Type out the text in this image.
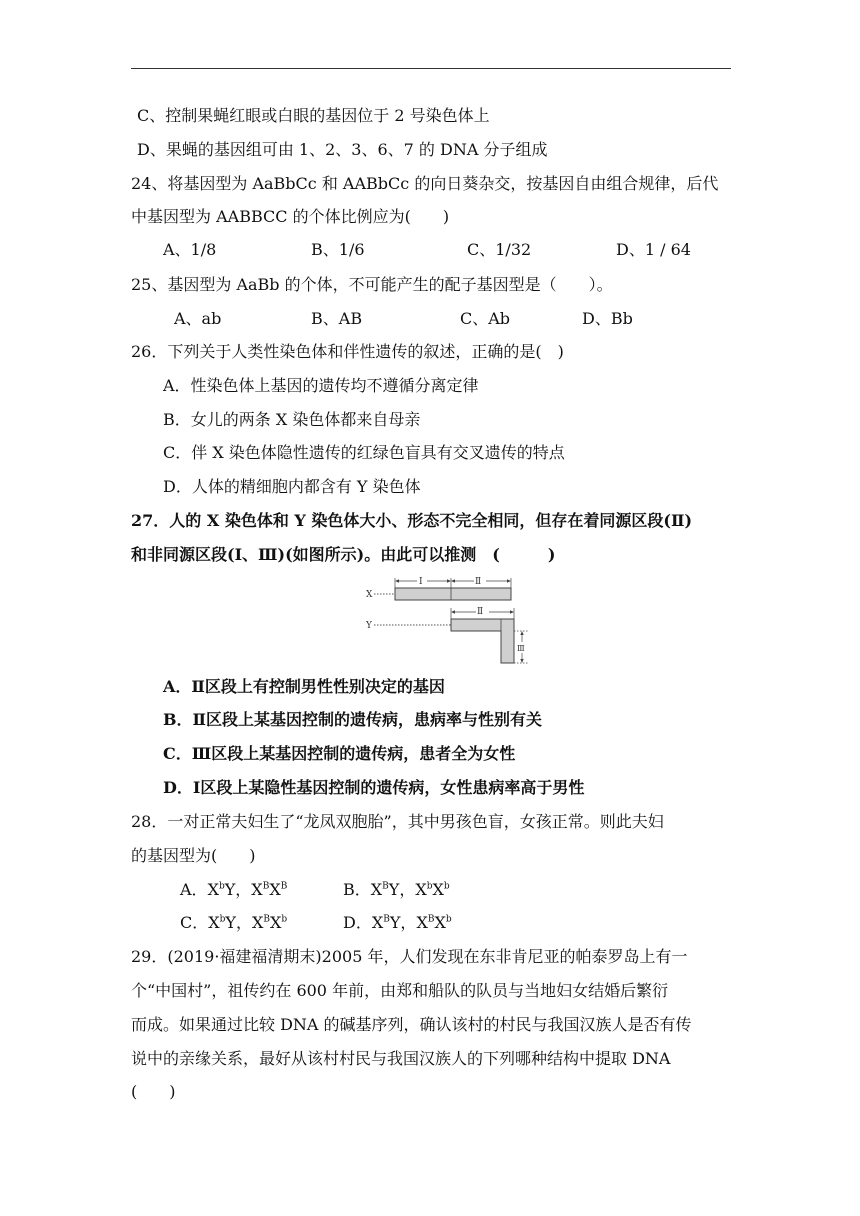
C、控制果蝇红眼或白眼的基因位于 2 号染色体上
D、果蝇的基因组可由 1、2、3、6、7 的 DNA 分子组成
24、将基因型为 AaBbCc 和 AABbCc 的向日葵杂交，按基因自由组合规律，后代
中基因型为 AABBCC 的个体比例应为(　　)
A、1/8	B、1/6	C、1/32	D、1 / 64
25、基因型为 AaBb 的个体，不可能产生的配子基因型是（　　）。
A、ab	B、AB	C、Ab	D、Bb
26．下列关于人类性染色体和伴性遗传的叙述，正确的是(　)
A．性染色体上基因的遗传均不遵循分离定律
B．女儿的两条 X 染色体都来自母亲
C．伴 X 染色体隐性遗传的红绿色盲具有交叉遗传的特点
D．人体的精细胞内都含有 Y 染色体
27．人的 X 染色体和 Y 染色体大小、形态不完全相同，但存在着同源区段(Ⅱ)
和非同源区段(Ⅰ、Ⅲ)(如图所示)。由此可以推测　(　　　)
X
Ⅰ	Ⅱ
Y
Ⅱ
Ⅲ
A．Ⅱ区段上有控制男性性别决定的基因
B．Ⅱ区段上某基因控制的遗传病，患病率与性别有关
C．Ⅲ区段上某基因控制的遗传病，患者全为女性
D．Ⅰ区段上某隐性基因控制的遗传病，女性患病率高于男性
28．一对正常夫妇生了“龙凤双胞胎”，其中男孩色盲，女孩正常。则此夫妇
的基因型为(　　)
A．$X^bY$，$X^BX^B$	B．$X^BY$，$X^bX^b$
C．$X^bY$，$X^BX^b$	D．$X^BY$，$X^BX^b$
29．(2019·福建福清期末)2005 年，人们发现在东非肯尼亚的帕泰罗岛上有一
个“中国村”，祖传约在 600 年前，由郑和船队的队员与当地妇女结婚后繁衍
而成。如果通过比较 DNA 的碱基序列，确认该村的村民与我国汉族人是否有传
说中的亲缘关系，最好从该村村民与我国汉族人的下列哪种结构中提取 DNA
(　　)
